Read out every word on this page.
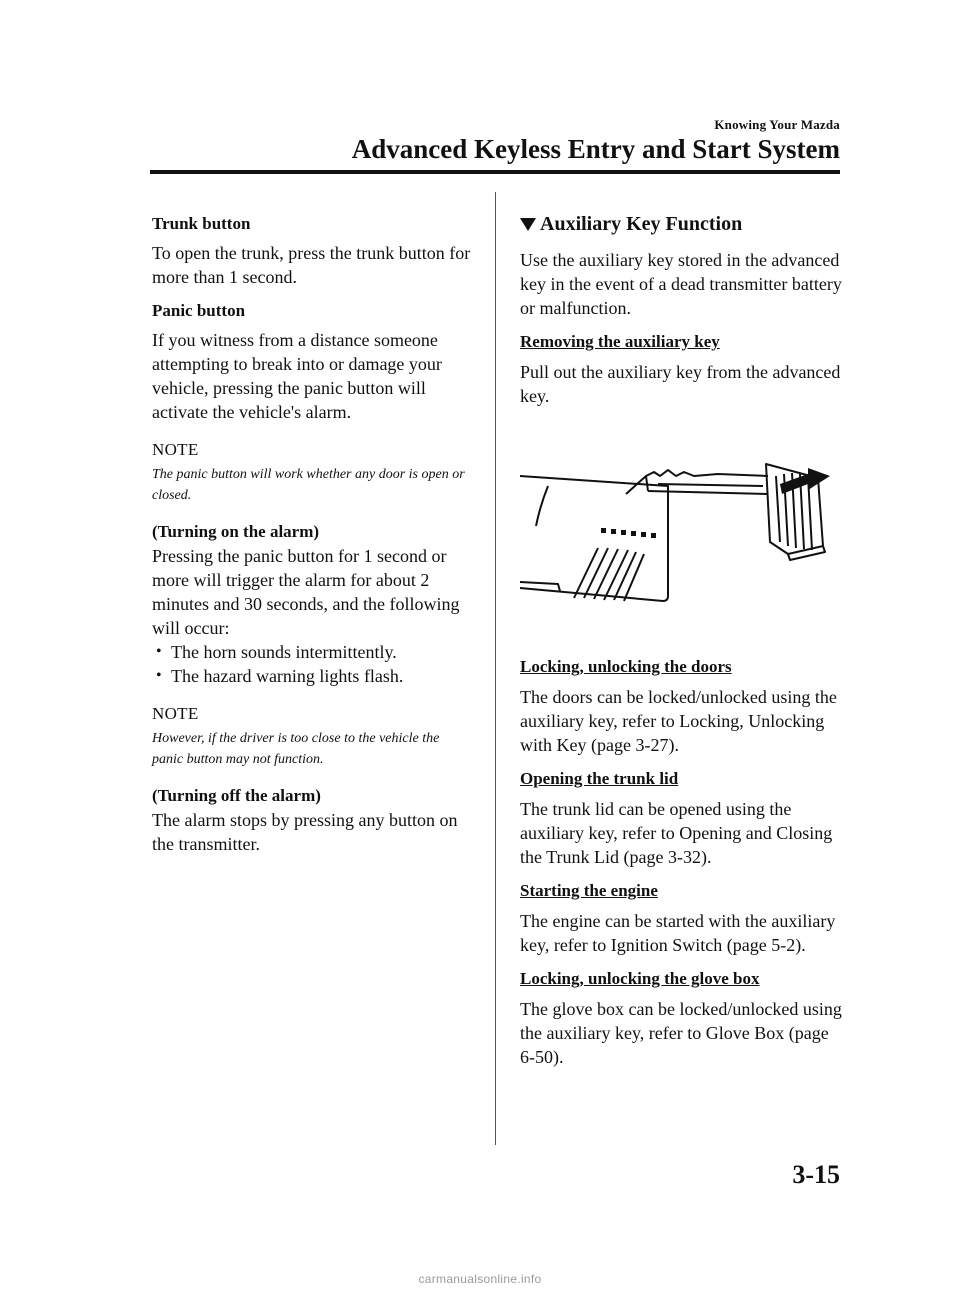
Knowing Your Mazda
Advanced Keyless Entry and Start System
Trunk button

To open the trunk, press the trunk button for more than 1 second.

Panic button

If you witness from a distance someone attempting to break into or damage your vehicle, pressing the panic button will activate the vehicle's alarm.

NOTE
The panic button will work whether any door is open or closed.
(Turning on the alarm)

Pressing the panic button for 1 second or more will trigger the alarm for about 2 minutes and 30 seconds, and the following will occur:

• The horn sounds intermittently.
• The hazard warning lights flash.
NOTE
However, if the driver is too close to the vehicle the panic button may not function.
(Turning off the alarm)

The alarm stops by pressing any button on the transmitter.

Auxiliary Key Function

Use the auxiliary key stored in the advanced key in the event of a dead transmitter battery or malfunction.

Removing the auxiliary key

Pull out the auxiliary key from the advanced key.

Locking, unlocking the doors

The doors can be locked/unlocked using the auxiliary key, refer to Locking, Unlocking with Key (page 3-27).

Opening the trunk lid

The trunk lid can be opened using the auxiliary key, refer to Opening and Closing the Trunk Lid (page 3-32).

Starting the engine

The engine can be started with the auxiliary key, refer to Ignition Switch (page 5-2).

Locking, unlocking the glove box

The glove box can be locked/unlocked using the auxiliary key, refer to Glove Box (page 6-50).

3-15
carmanualsonline.info
